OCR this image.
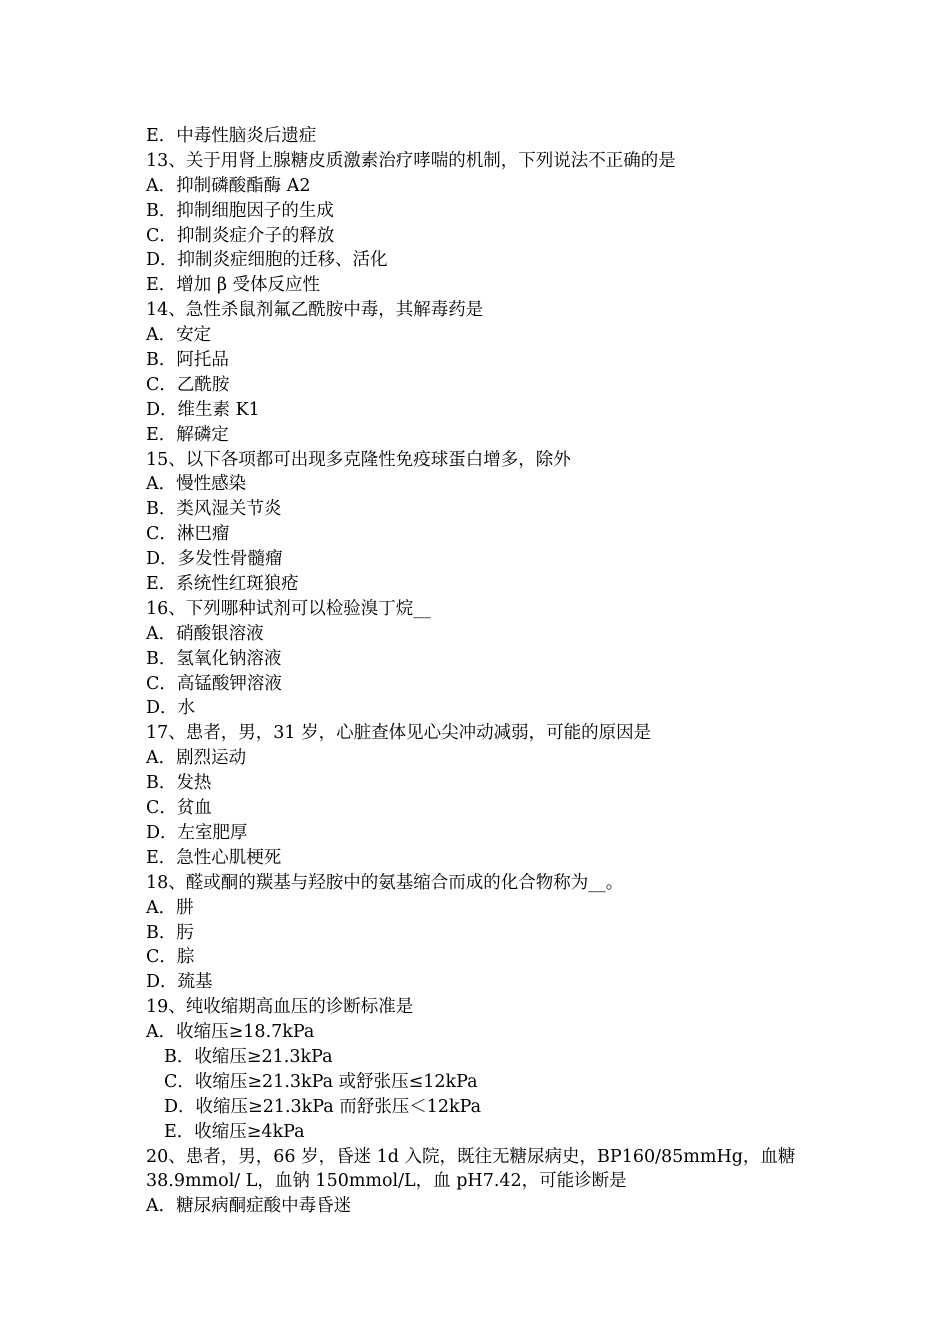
E．中毒性脑炎后遗症
13、关于用肾上腺糖皮质激素治疗哮喘的机制，下列说法不正确的是
A．抑制磷酸酯酶 A2
B．抑制细胞因子的生成
C．抑制炎症介子的释放
D．抑制炎症细胞的迁移、活化
E．增加 β 受体反应性
14、急性杀鼠剂氟乙酰胺中毒，其解毒药是
A．安定
B．阿托品
C．乙酰胺
D．维生素 K1
E．解磷定
15、以下各项都可出现多克隆性免疫球蛋白增多，除外
A．慢性感染
B．类风湿关节炎
C．淋巴瘤
D．多发性骨髓瘤
E．系统性红斑狼疮
16、下列哪种试剂可以检验溴丁烷__
A．硝酸银溶液
B．氢氧化钠溶液
C．高锰酸钾溶液
D．水
17、患者，男，31 岁，心脏查体见心尖冲动减弱，可能的原因是
A．剧烈运动
B．发热
C．贫血
D．左室肥厚
E．急性心肌梗死
18、醛或酮的羰基与羟胺中的氨基缩合而成的化合物称为__。
A．肼
B．肟
C．腙
D．巯基
19、纯收缩期高血压的诊断标准是
A．收缩压≥18.7kPa
B．收缩压≥21.3kPa
C．收缩压≥21.3kPa 或舒张压≤12kPa
D．收缩压≥21.3kPa 而舒张压＜12kPa
E．收缩压≥4kPa
20、患者，男，66 岁，昏迷 1d 入院，既往无糖尿病史，BP160/85mmHg，血糖
38.9mmol/ L，血钠 150mmol/L，血 pH7.42，可能诊断是
A．糖尿病酮症酸中毒昏迷
